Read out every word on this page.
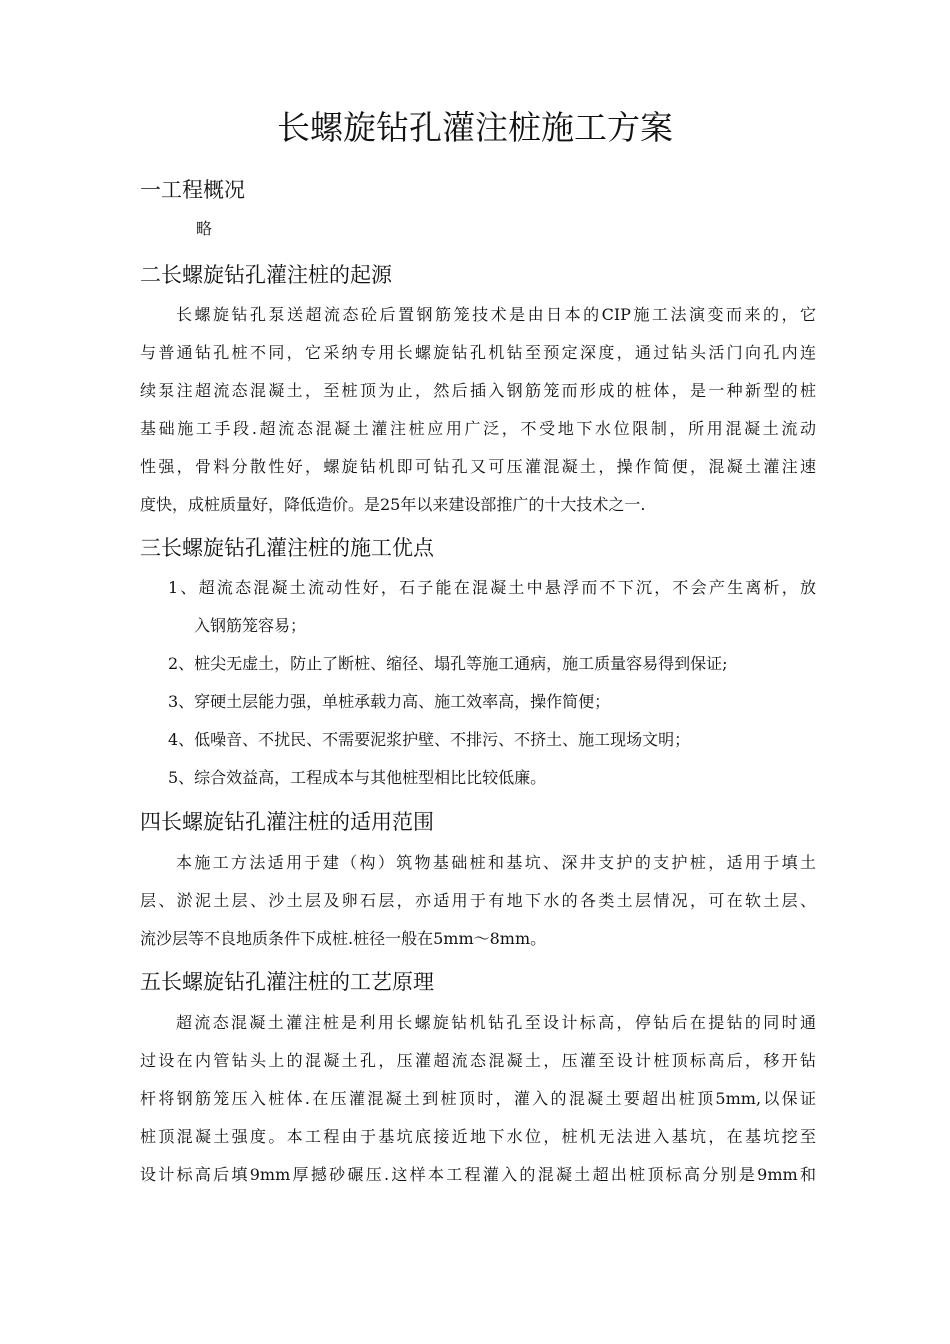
长螺旋钻孔灌注桩施工方案
一工程概况
略
二长螺旋钻孔灌注桩的起源
长螺旋钻孔泵送超流态砼后置钢筋笼技术是由日本的CIP施工法演变而来的，它
与普通钻孔桩不同，它采纳专用长螺旋钻孔机钻至预定深度，通过钻头活门向孔内连
续泵注超流态混凝土，至桩顶为止，然后插入钢筋笼而形成的桩体，是一种新型的桩
基础施工手段.超流态混凝土灌注桩应用广泛，不受地下水位限制，所用混凝土流动
性强，骨料分散性好，螺旋钻机即可钻孔又可压灌混凝土，操作简便，混凝土灌注速
度快，成桩质量好，降低造价。是25年以来建设部推广的十大技术之一.
三长螺旋钻孔灌注桩的施工优点
1、超流态混凝土流动性好，石子能在混凝土中悬浮而不下沉，不会产生离析，放
入钢筋笼容易；
2、桩尖无虚土，防止了断桩、缩径、塌孔等施工通病，施工质量容易得到保证;
3、穿硬土层能力强，单桩承载力高、施工效率高，操作简便；
4、低噪音、不扰民、不需要泥浆护壁、不排污、不挤土、施工现场文明；
5、综合效益高，工程成本与其他桩型相比比较低廉。
四长螺旋钻孔灌注桩的适用范围
本施工方法适用于建（构）筑物基础桩和基坑、深井支护的支护桩，适用于填土
层、淤泥土层、沙土层及卵石层，亦适用于有地下水的各类土层情况，可在软土层、
流沙层等不良地质条件下成桩.桩径一般在5mm～8mm。
五长螺旋钻孔灌注桩的工艺原理
超流态混凝土灌注桩是利用长螺旋钻机钻孔至设计标高，停钻后在提钻的同时通
过设在内管钻头上的混凝土孔，压灌超流态混凝土，压灌至设计桩顶标高后，移开钻
杆将钢筋笼压入桩体.在压灌混凝土到桩顶时，灌入的混凝土要超出桩顶5mm,以保证
桩顶混凝土强度。本工程由于基坑底接近地下水位，桩机无法进入基坑，在基坑挖至
设计标高后填9mm厚撼砂碾压.这样本工程灌入的混凝土超出桩顶标高分别是9mm和
